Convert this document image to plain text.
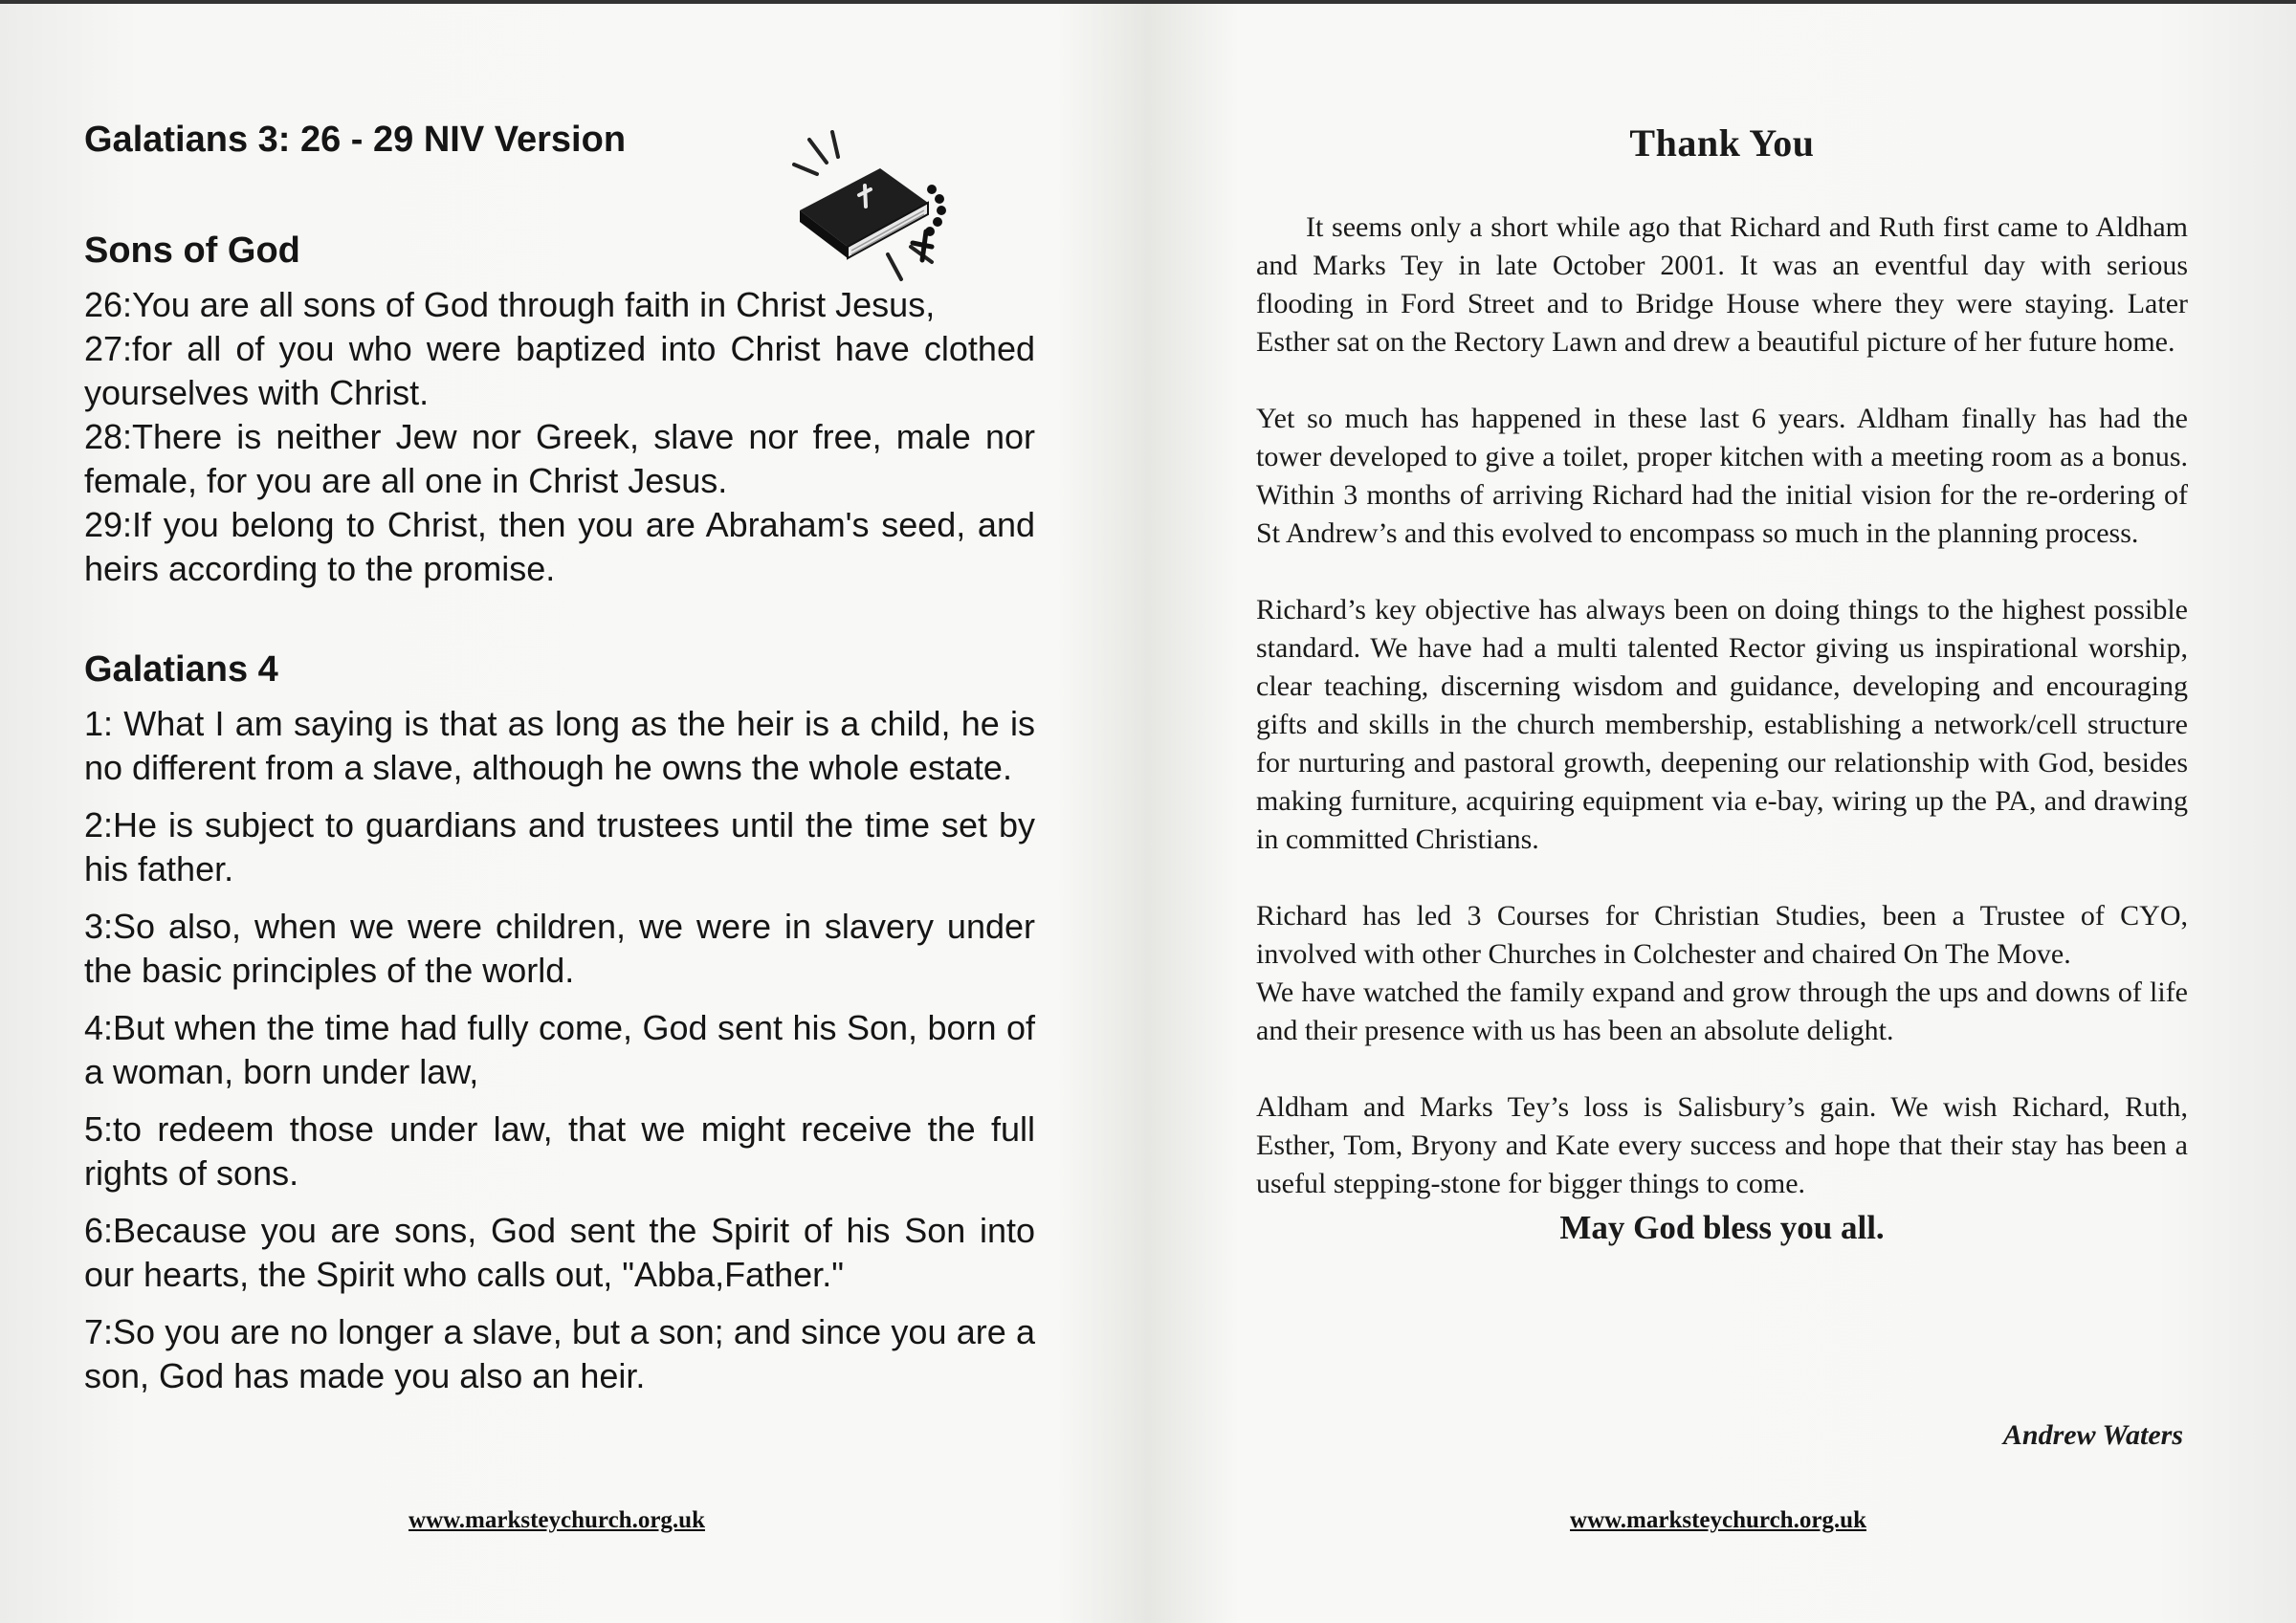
Galatians 3: 26 - 29 NIV Version
Sons of God

26:You are all sons of God through faith in Christ Jesus,

27:for all of you who were baptized into Christ have clothed yourselves with Christ.

28:There is neither Jew nor Greek, slave nor free, male nor female, for you are all one in Christ Jesus.

29:If you belong to Christ, then you are Abraham's seed, and heirs according to the promise.

Galatians 4

1: What I am saying is that as long as the heir is a child, he is no different from a slave, although he owns the whole estate.

2:He is subject to guardians and trustees until the time set by his father.

3:So also, when we were children, we were in slavery under the basic principles of the world.

4:But when the time had fully come, God sent his Son, born of a woman, born under law,

5:to redeem those under law, that we might receive the full rights of sons.

6:Because you are sons, God sent the Spirit of his Son into our hearts, the Spirit who calls out, "Abba,Father."

7:So you are no longer a slave, but a son; and since you are a son, God has made you also an heir.

www.marksteychurch.org.uk
Thank You

It seems only a short while ago that Richard and Ruth first came to Aldham and Marks Tey in late October 2001. It was an eventful day with serious flooding in Ford Street and to Bridge House where they were staying. Later Esther sat on the Rectory Lawn and drew a beautiful picture of her future home.

Yet so much has happened in these last 6 years. Aldham finally has had the tower developed to give a toilet, proper kitchen with a meeting room as a bonus. Within 3 months of arriving Richard had the initial vision for the re-ordering of St Andrew’s and this evolved to encompass so much in the planning process.

Richard’s key objective has always been on doing things to the highest possible standard. We have had a multi talented Rector giving us inspirational worship, clear teaching, discerning wisdom and guidance, developing and encouraging gifts and skills in the church membership, establishing a network/cell structure for nurturing and pastoral growth, deepening our relationship with God, besides making furniture, acquiring equipment via e-bay, wiring up the PA, and drawing in committed Christians.

Richard has led 3 Courses for Christian Studies, been a Trustee of CYO, involved with other Churches in Colchester and chaired On The Move.

We have watched the family expand and grow through the ups and downs of life and their presence with us has been an absolute delight.

Aldham and Marks Tey’s loss is Salisbury’s gain. We wish Richard, Ruth, Esther, Tom, Bryony and Kate every success and hope that their stay has been a useful stepping-stone for bigger things to come.

May God bless you all.

Andrew Waters
www.marksteychurch.org.uk
